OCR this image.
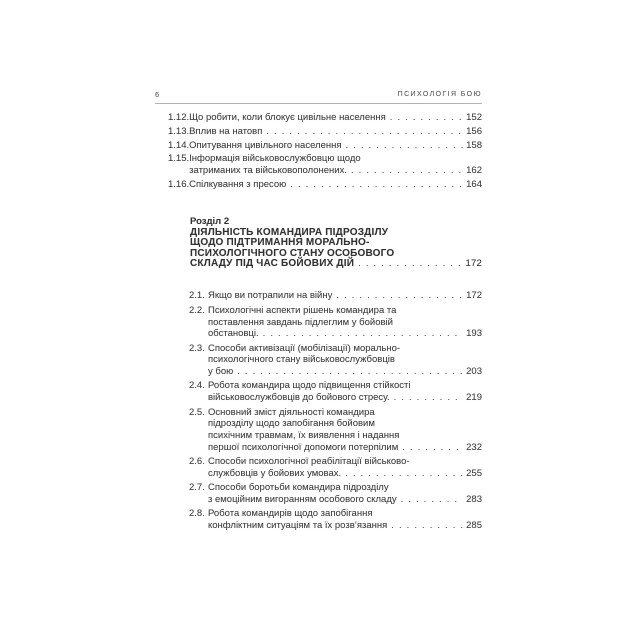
6	ПСИХОЛОГІЯ БОЮ
1.12. Що робити, коли блокує цивільне населення . . .	152
1.13. Вплив на натовп . . .	156
1.14. Опитування цивільного населення . . .	158
1.15. Інформація військовослужбовцю щодо
затриманих та військовополонених. . . .	162
1.16. Спілкування з пресою . . .	164
Розділ 2
ДІЯЛЬНІСТЬ КОМАНДИРА ПІДРОЗДІЛУ
ЩОДО ПІДТРИМАННЯ МОРАЛЬНО-
ПСИХОЛОГІЧНОГО СТАНУ ОСОБОВОГО
СКЛАДУ ПІД ЧАС БОЙОВИХ ДІЙ . . .	172
2.1. Якщо ви потрапили на війну . . .	172
2.2. Психологічні аспекти рішень командира та
поставлення завдань підлеглим у бойовій
обстановці. . . .	193
2.3. Способи активізації (мобілізації) морально-
психологічного стану військовослужбовців
у бою . . .	203
2.4. Робота командира щодо підвищення стійкості
військовослужбовців до бойового стресу. . . .	219
2.5. Основний зміст діяльності командира
підрозділу щодо запобігання бойовим
психічним травмам, їх виявлення і надання
першої психологічної допомоги потерпілим . . .	232
2.6. Способи психологічної реабілітації військово-
службовців у бойових умовах. . . .	255
2.7. Способи боротьби командира підрозділу
з емоційним вигоранням особового складу . . .	283
2.8. Робота командирів щодо запобігання
конфліктним ситуаціям та їх розв’язання . . .	285
